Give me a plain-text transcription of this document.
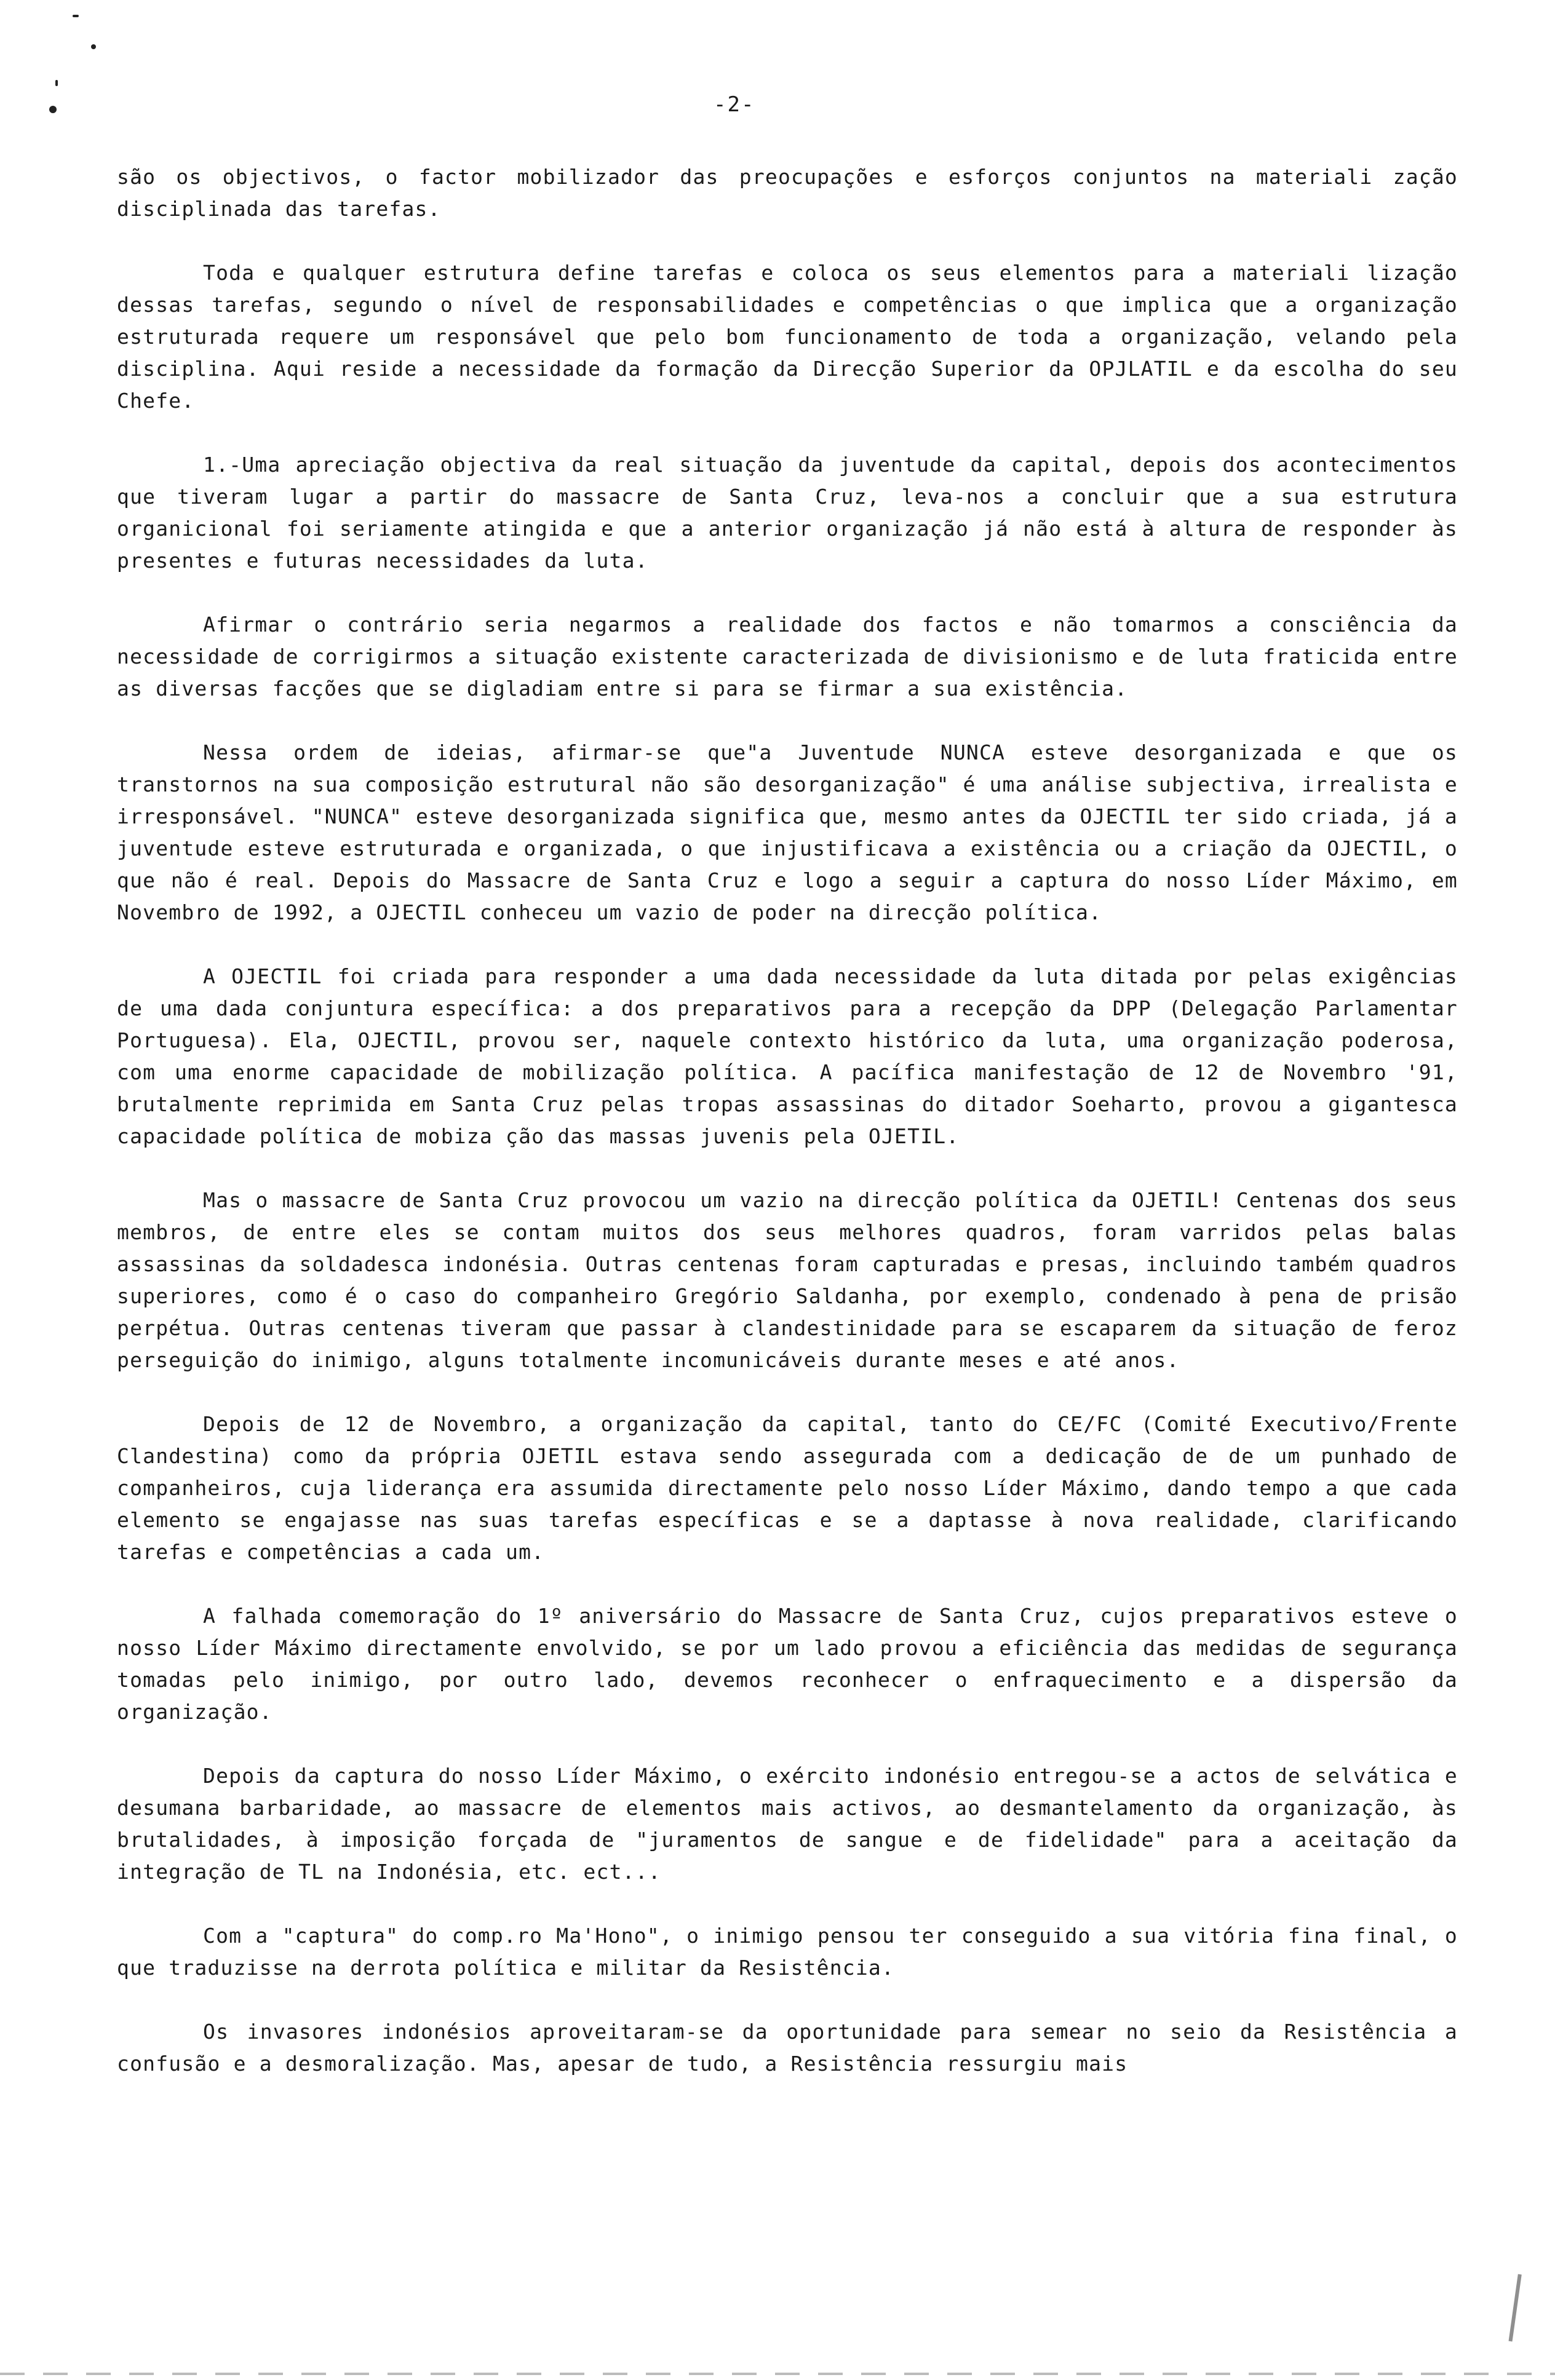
-2-

são os objectivos, o factor mobilizador das preocupações e esforços conjuntos na materiali zação disciplinada das tarefas.

Toda e qualquer estrutura define tarefas e coloca os seus elementos para a materiali lização dessas tarefas, segundo o nível de responsabilidades e competências o que implica que a organização estruturada requere um responsável que pelo bom funcionamento de toda a organização, velando pela disciplina. Aqui reside a necessidade da formação da Direcção Superior da OPJLATIL e da escolha do seu Chefe.

1.-Uma apreciação objectiva da real situação da juventude da capital, depois dos acontecimentos que tiveram lugar a partir do massacre de Santa Cruz, leva-nos a concluir que a sua estrutura organicional foi seriamente atingida e que a anterior organização já não está à altura de responder às presentes e futuras necessidades da luta.

Afirmar o contrário seria negarmos a realidade dos factos e não tomarmos a consciência da necessidade de corrigirmos a situação existente caracterizada de divisionismo e de luta fraticida entre as diversas facções que se digladiam entre si para se firmar a sua existência.

Nessa ordem de ideias, afirmar-se que"a Juventude NUNCA esteve desorganizada e que os transtornos na sua composição estrutural não são desorganização" é uma análise subjectiva, irrealista e irresponsável. "NUNCA" esteve desorganizada significa que, mesmo antes da OJECTIL ter sido criada, já a juventude esteve estruturada e organizada, o que injustificava a existência ou a criação da OJECTIL, o que não é real. Depois do Massacre de Santa Cruz e logo a seguir a captura do nosso Líder Máximo, em Novembro de 1992, a OJECTIL conheceu um vazio de poder na direcção política.

A OJECTIL foi criada para responder a uma dada necessidade da luta ditada por pelas exigências de uma dada conjuntura específica: a dos preparativos para a recepção da DPP (Delegação Parlamentar Portuguesa). Ela, OJECTIL, provou ser, naquele contexto histórico da luta, uma organização poderosa, com uma enorme capacidade de mobilização política. A pacífica manifestação de 12 de Novembro '91, brutalmente reprimida em Santa Cruz pelas tropas assassinas do ditador Soeharto, provou a gigantesca capacidade política de mobiza ção das massas juvenis pela OJETIL.

Mas o massacre de Santa Cruz provocou um vazio na direcção política da OJETIL! Centenas dos seus membros, de entre eles se contam muitos dos seus melhores quadros, foram varridos pelas balas assassinas da soldadesca indonésia. Outras centenas foram capturadas e presas, incluindo também quadros superiores, como é o caso do companheiro Gregório Saldanha, por exemplo, condenado à pena de prisão perpétua. Outras centenas tiveram que passar à clandestinidade para se escaparem da situação de feroz perseguição do inimigo, alguns totalmente incomunicáveis durante meses e até anos.

Depois de 12 de Novembro, a organização da capital, tanto do CE/FC (Comité Executivo/Frente Clandestina) como da própria OJETIL estava sendo assegurada com a dedicação de de um punhado de companheiros, cuja liderança era assumida directamente pelo nosso Líder Máximo, dando tempo a que cada elemento se engajasse nas suas tarefas específicas e se a daptasse à nova realidade, clarificando tarefas e competências a cada um.

A falhada comemoração do 1º aniversário do Massacre de Santa Cruz, cujos preparativos esteve o nosso Líder Máximo directamente envolvido, se por um lado provou a eficiência das medidas de segurança tomadas pelo inimigo, por outro lado, devemos reconhecer o enfraquecimento e a dispersão da organização.

Depois da captura do nosso Líder Máximo, o exército indonésio entregou-se a actos de selvática e desumana barbaridade, ao massacre de elementos mais activos, ao desmantelamento da organização, às brutalidades, à imposição forçada de "juramentos de sangue e de fidelidade" para a aceitação da integração de TL na Indonésia, etc. ect...

Com a "captura" do comp.ro Ma'Hono", o inimigo pensou ter conseguido a sua vitória fina final, o que traduzisse na derrota política e militar da Resistência.

Os invasores indonésios aproveitaram-se da oportunidade para semear no seio da Resistência a confusão e a desmoralização. Mas, apesar de tudo, a Resistência ressurgiu mais
